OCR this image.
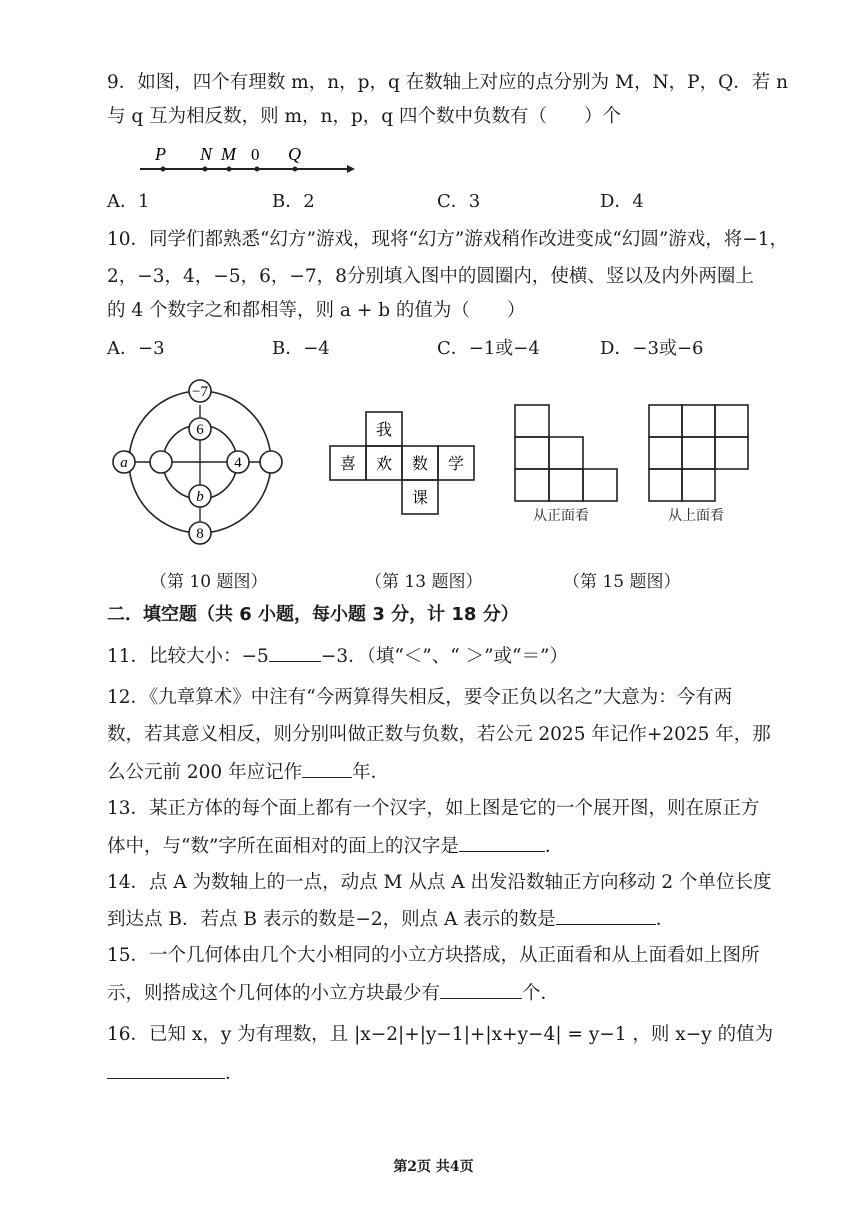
9．如图，四个有理数 m，n，p，q 在数轴上对应的点分别为 M，N，P，Q．若 n
与 q 互为相反数，则 m，n，p，q 四个数中负数有（　　）个
P N M 0 Q
A．1	B．2	C．3	D．4
10．同学们都熟悉“幻方”游戏，现将“幻方”游戏稍作改进变成“幻圆”游戏，将−1，
2，−3，4，−5，6，−7，8分别填入图中的圆圈内，使横、竖以及内外两圈上
的 4 个数字之和都相等，则 a + b 的值为（　　）
A．−3	B．−4	C．−1或−4	D．−3或−6
−7
6
a	4
b
8
我
喜 欢 数 学
课
从正面看	从上面看
（第 10 题图）	（第 13 题图）	（第 15 题图）
二．填空题（共 6 小题，每小题 3 分，计 18 分）
11．比较大小：−5	−3．（填“＜”、“ ＞”或“＝”）
12．《九章算术》中注有“今两算得失相反，要令正负以名之”大意为：今有两
数，若其意义相反，则分别叫做正数与负数，若公元 2025 年记作+2025 年，那
么公元前 200 年应记作	年．
13．某正方体的每个面上都有一个汉字，如上图是它的一个展开图，则在原正方
体中，与“数”字所在面相对的面上的汉字是	．
14．点 A 为数轴上的一点，动点 M 从点 A 出发沿数轴正方向移动 2 个单位长度
到达点 B．若点 B 表示的数是−2，则点 A 表示的数是	．
15．一个几何体由几个大小相同的小立方块搭成，从正面看和从上面看如上图所
示，则搭成这个几何体的小立方块最少有	个．
16．已知 x，y 为有理数，且 |x−2|+|y−1|+|x+y−4| = y−1 ，则 x−y 的值为
．
第2页 共4页
